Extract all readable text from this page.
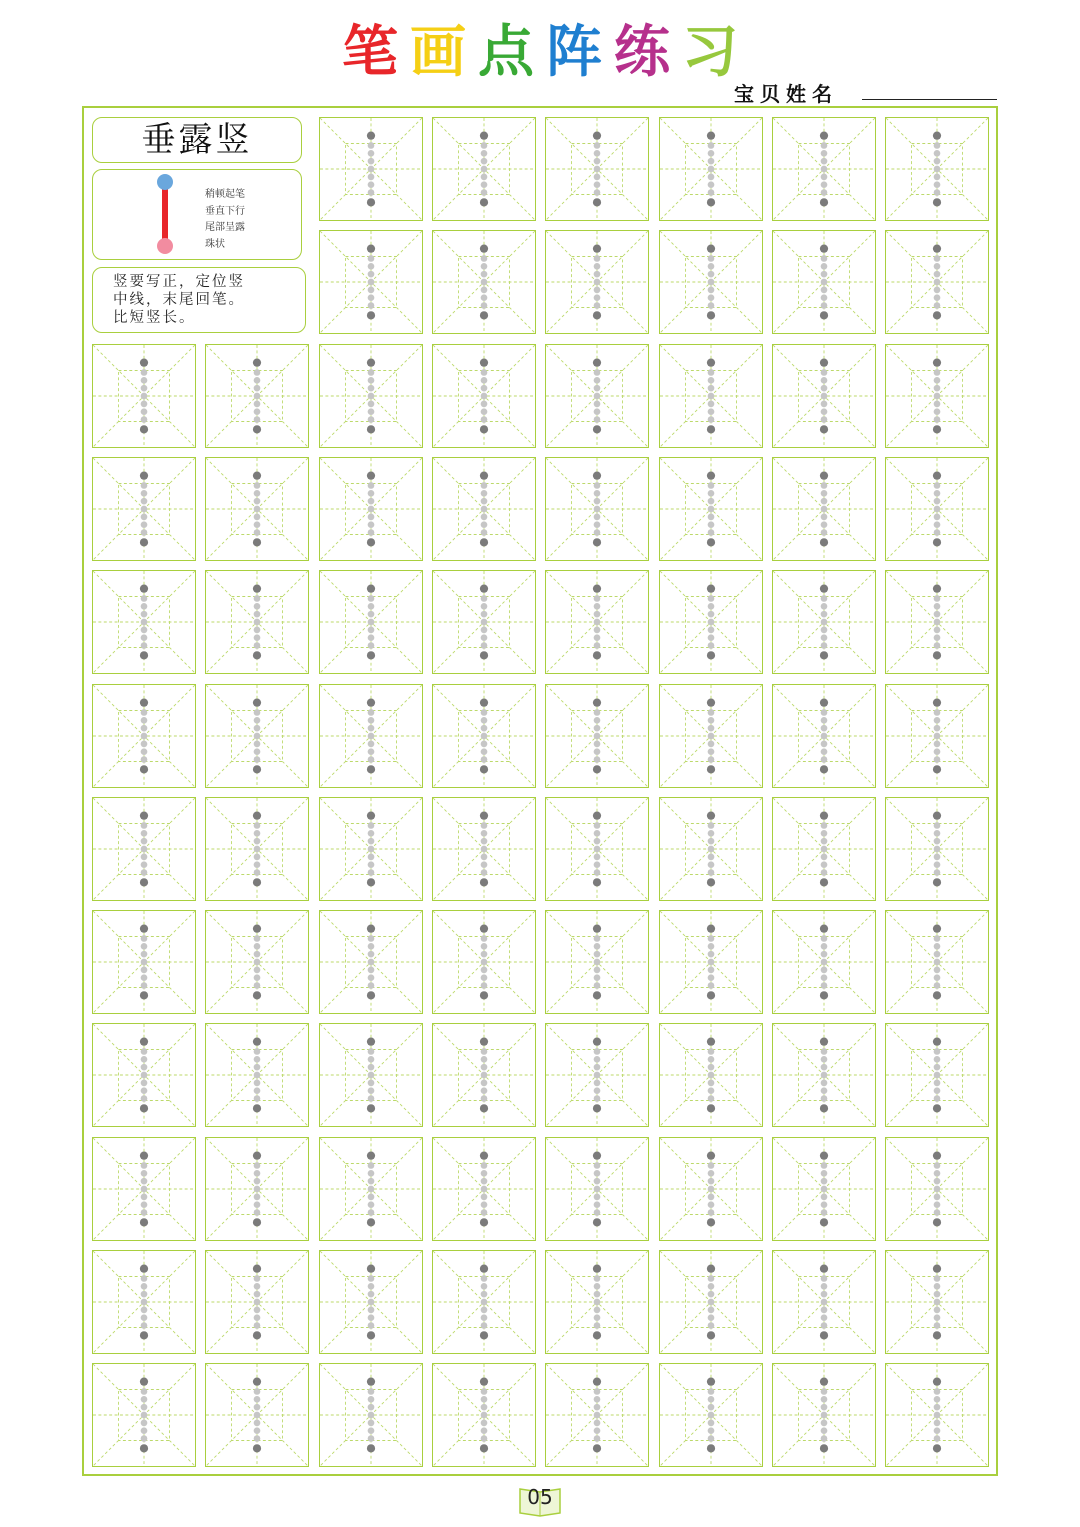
笔 画 点 阵 练 习
宝贝姓名
垂露竖
稍顿起笔
垂直下行
尾部呈露
珠状
竖要写正，定位竖
中线，末尾回笔。
比短竖长。
05
